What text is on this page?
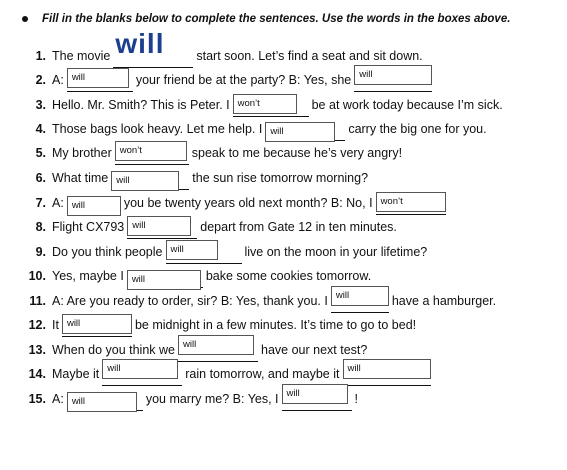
Fill in the blanks below to complete the sentences. Use the words in the boxes above.
1. The movie will	start soon. Let’s find a seat and sit down.
2. A: will	your friend be at the party? B: Yes, she will
3. Hello. Mr. Smith? This is Peter. I won’t	be at work today because I’m sick.
4. Those bags look heavy. Let me help. I will	carry the big one for you.
5. My brother won’t	speak to me because he’s very angry!
6. What time will	the sun rise tomorrow morning?
7. A: will	you be twenty years old next month? B: No, I won’t
8. Flight CX793 will	depart from Gate 12 in ten minutes.
9. Do you think people will	live on the moon in your lifetime?
10. Yes, maybe I will	bake some cookies tomorrow.
11. A: Are you ready to order, sir? B: Yes, thank you. I will	have a hamburger.
12. It will	be midnight in a few minutes. It’s time to go to bed!
13. When do you think we will	have our next test?
14. Maybe it will	rain tomorrow, and maybe it will
15. A: will	you marry me? B: Yes, I will	!
